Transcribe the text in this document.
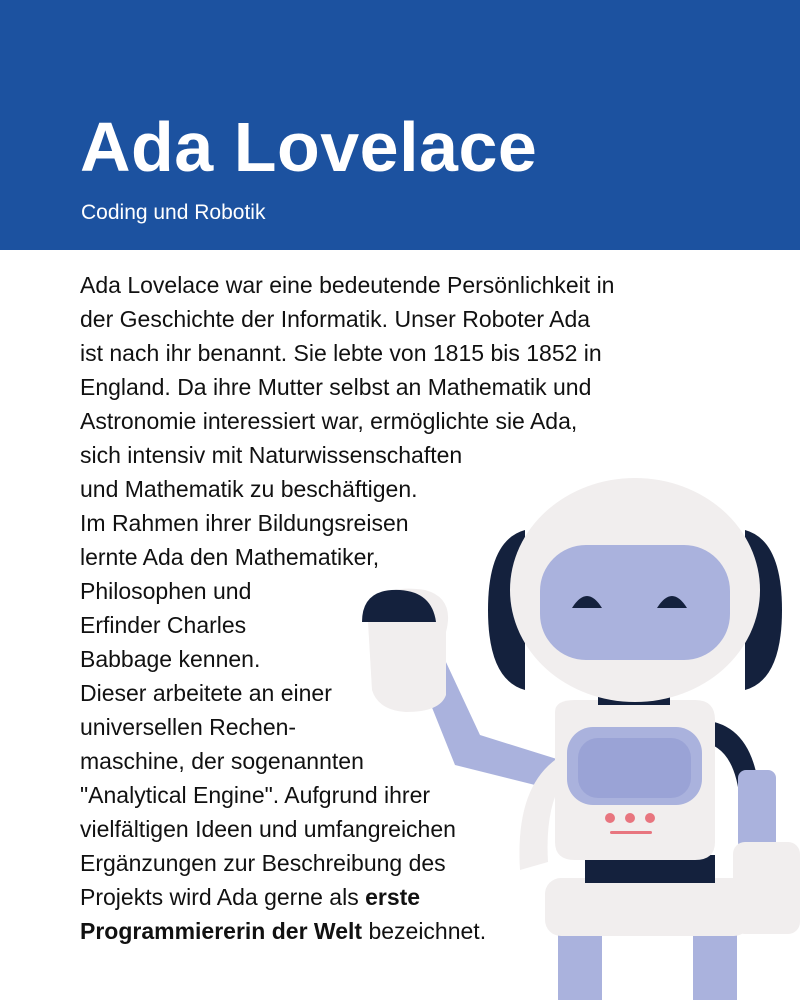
Ada Lovelace

Coding und Robotik

Ada Lovelace war eine bedeutende Persönlichkeit in
der Geschichte der Informatik. Unser Roboter Ada
ist nach ihr benannt. Sie lebte von 1815 bis 1852 in
England. Da ihre Mutter selbst an Mathematik und
Astronomie interessiert war, ermöglichte sie Ada,
sich intensiv mit Naturwissenschaften
und Mathematik zu beschäftigen.
Im Rahmen ihrer Bildungsreisen
lernte Ada den Mathematiker,
Philosophen und
Erfinder Charles
Babbage kennen.
Dieser arbeitete an einer
universellen Rechen-
maschine, der sogenannten
"Analytical Engine". Aufgrund ihrer
vielfältigen Ideen und umfangreichen
Ergänzungen zur Beschreibung des
Projekts wird Ada gerne als erste
Programmiererin der Welt bezeichnet.
